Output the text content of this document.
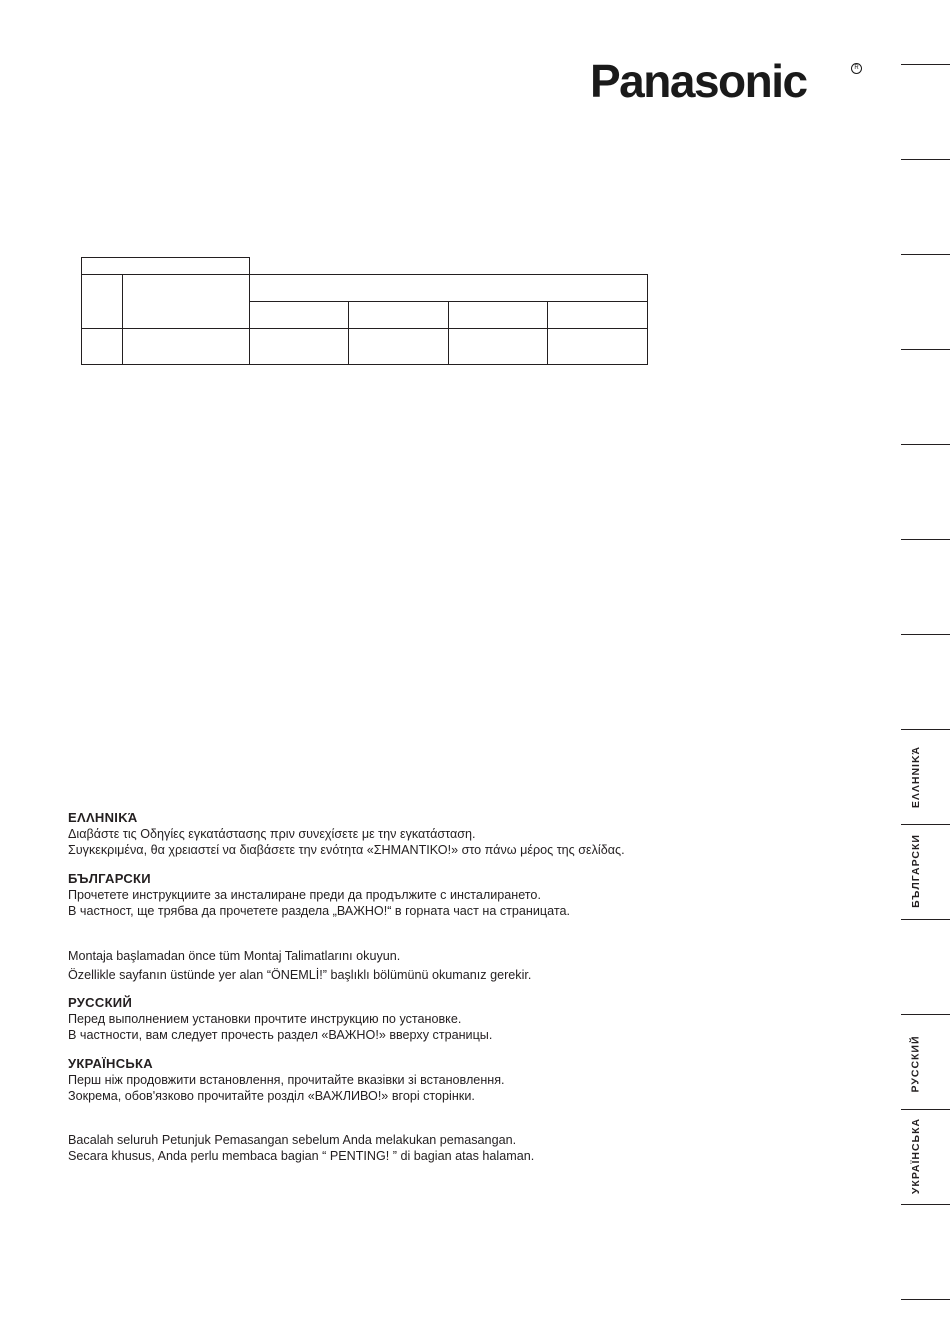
Panasonic	R
ΕΛΛΗΝΙΚΆ
Διαβάστε τις Οδηγίες εγκατάστασης πριν συνεχίσετε με την εγκατάσταση.
Συγκεκριμένα, θα χρειαστεί να διαβάσετε την ενότητα «ΣΗΜΑΝΤΙΚΟ!» στο πάνω μέρος της σελίδας.
БЪЛГАРСКИ
Прочетете инструкциите за инсталиране преди да продължите с инсталирането.
В частност, ще трябва да прочетете раздела „ВАЖНО!“ в горната част на страницата.
Montaja başlamadan önce tüm Montaj Talimatlarını okuyun.
Özellikle sayfanın üstünde yer alan “ÖNEMLİ!” başlıklı bölümünü okumanız gerekir.
РУССКИЙ
Перед выполнением установки прочтите инструкцию по установке.
В частности, вам следует прочесть раздел «ВАЖНО!» вверху страницы.
УКРАЇНСЬКА
Перш ніж продовжити встановлення, прочитайте вказівки зі встановлення.
Зокрема, обов'язково прочитайте розділ «ВАЖЛИВО!» вгорі сторінки.
Bacalah seluruh Petunjuk Pemasangan sebelum Anda melakukan pemasangan.
Secara khusus, Anda perlu membaca bagian “ PENTING! ” di bagian atas halaman.
ΕΛΛΗΝΙΚΆ
БЪЛГАРСКИ
РУССКИЙ
УКРАЇНСЬКА
